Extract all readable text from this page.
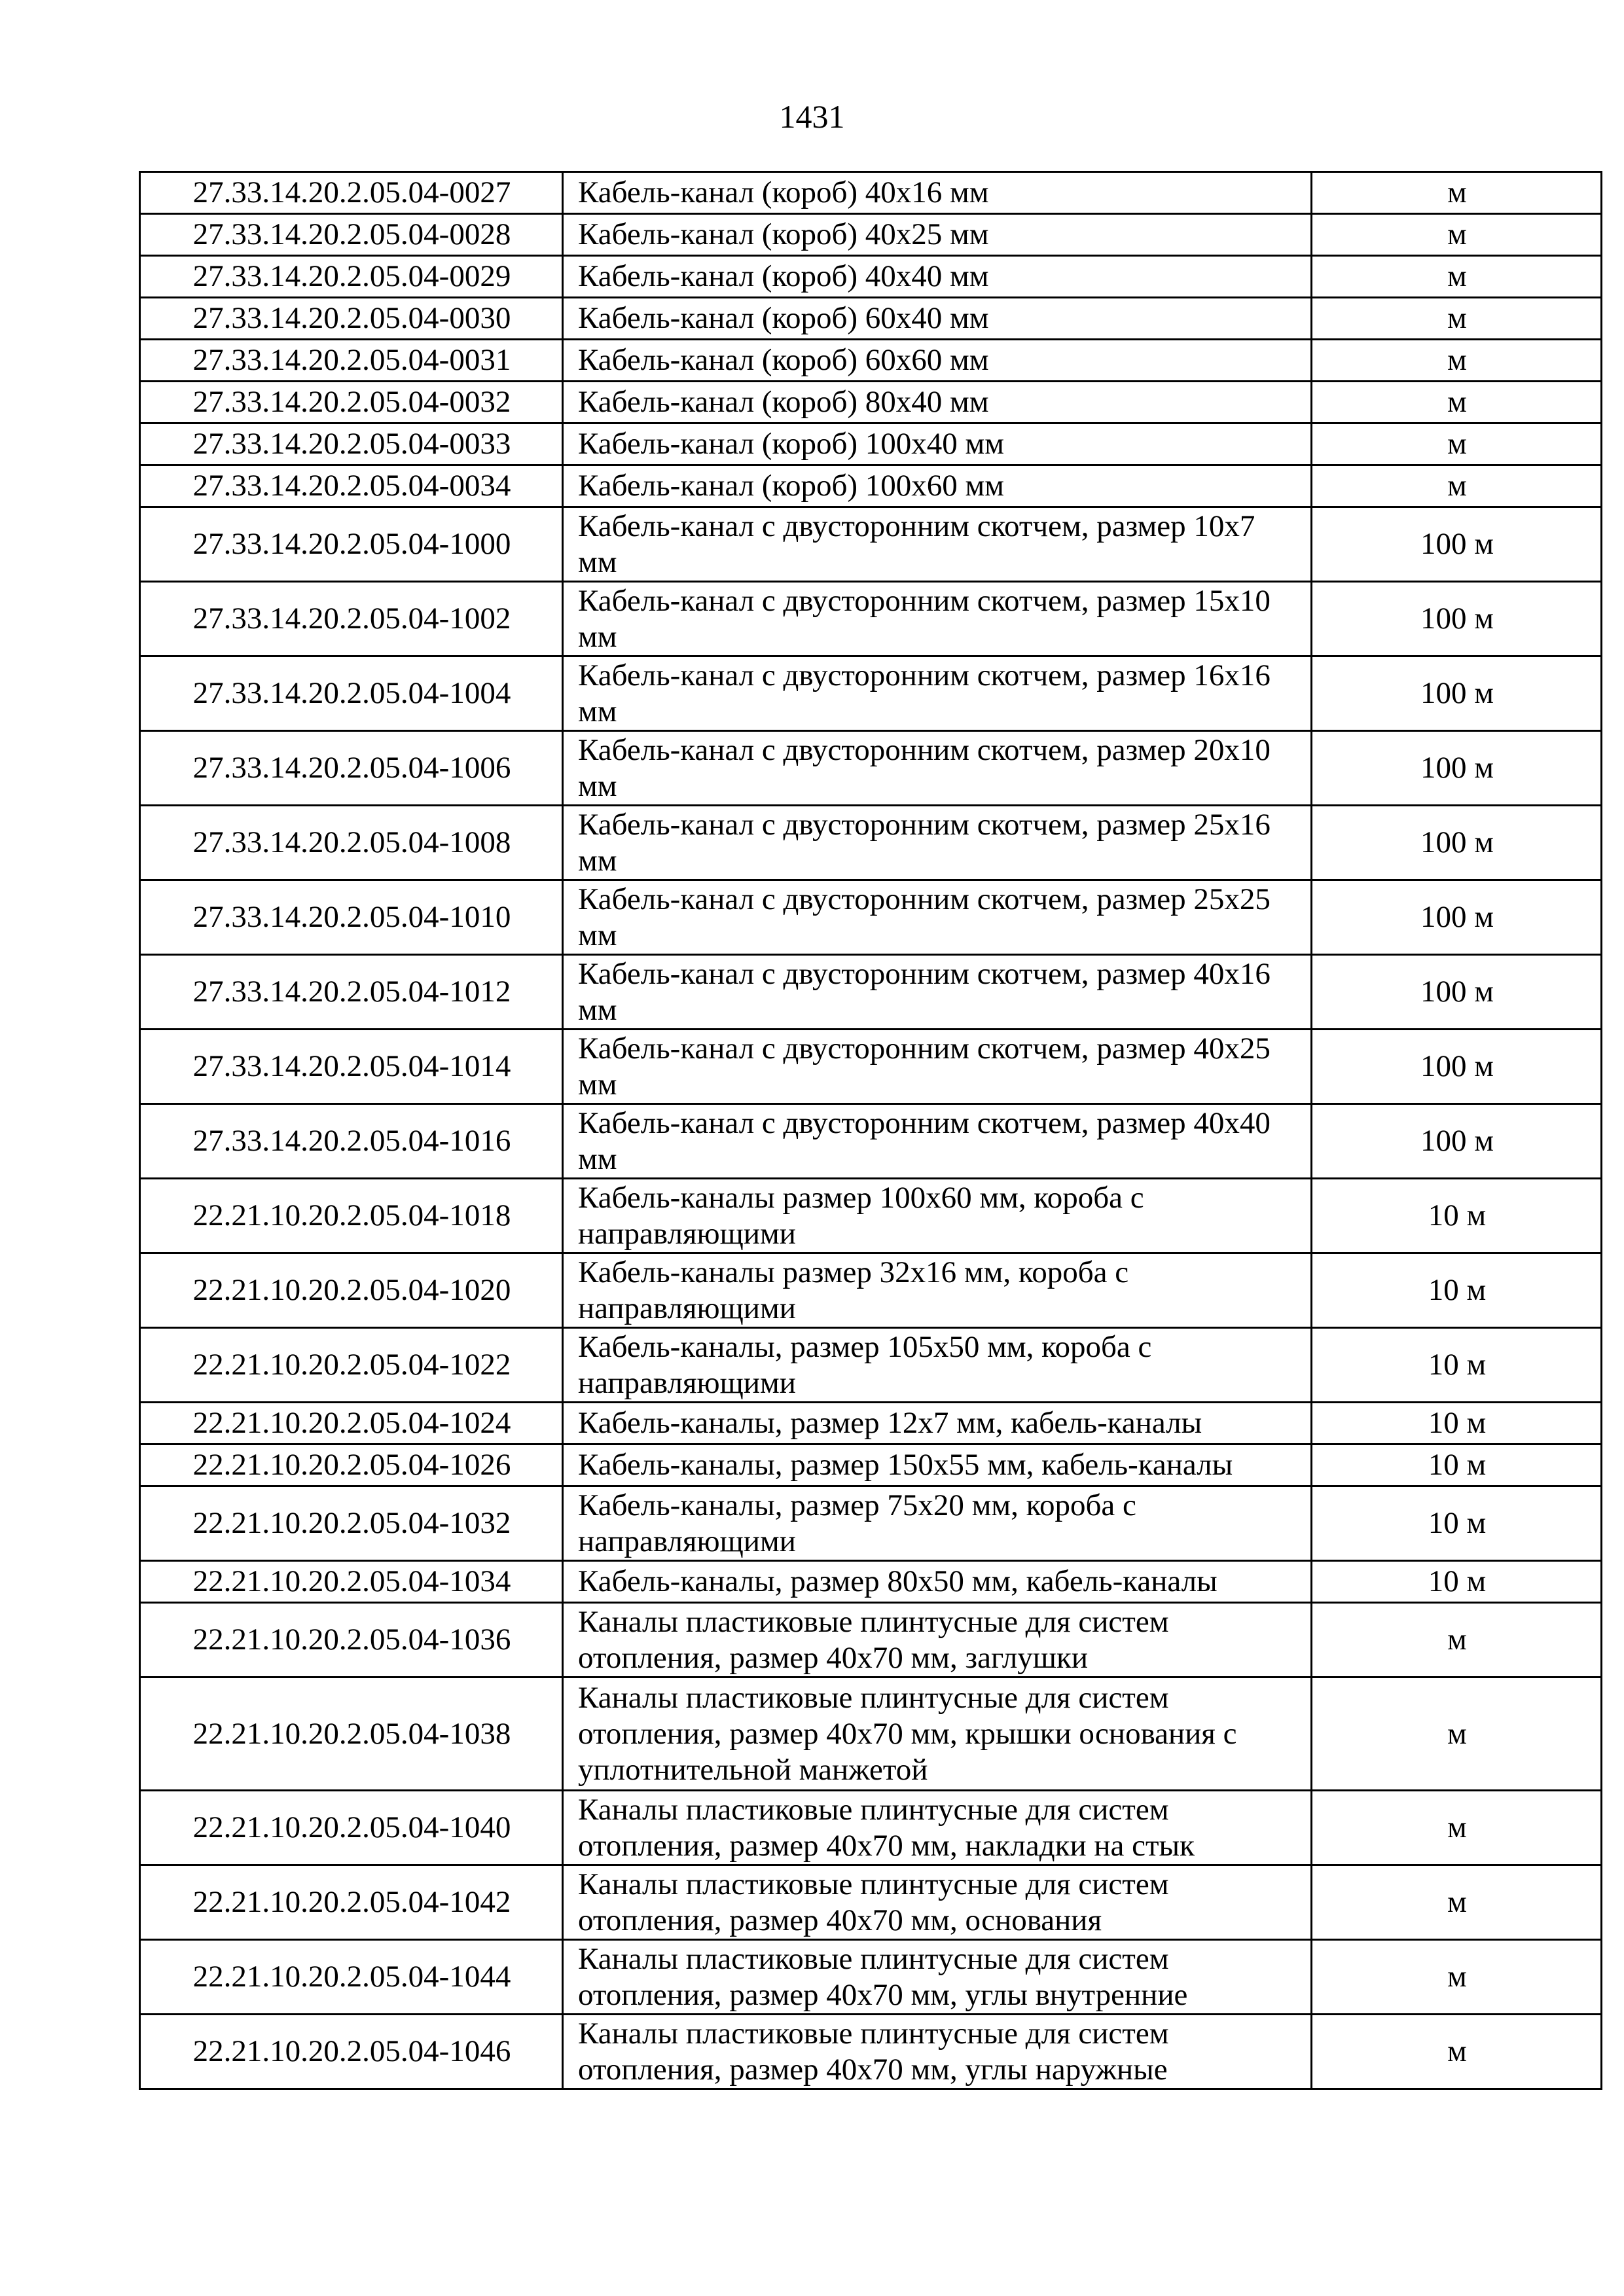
1431
27.33.14.20.2.05.04-0027	Кабель-канал (короб) 40х16 мм	м
27.33.14.20.2.05.04-0028	Кабель-канал (короб) 40х25 мм	м
27.33.14.20.2.05.04-0029	Кабель-канал (короб) 40х40 мм	м
27.33.14.20.2.05.04-0030	Кабель-канал (короб) 60х40 мм	м
27.33.14.20.2.05.04-0031	Кабель-канал (короб) 60х60 мм	м
27.33.14.20.2.05.04-0032	Кабель-канал (короб) 80х40 мм	м
27.33.14.20.2.05.04-0033	Кабель-канал (короб) 100х40 мм	м
27.33.14.20.2.05.04-0034	Кабель-канал (короб) 100х60 мм	м
27.33.14.20.2.05.04-1000	Кабель-канал с двусторонним скотчем, размер 10х7 мм	100 м
27.33.14.20.2.05.04-1002	Кабель-канал с двусторонним скотчем, размер 15х10 мм	100 м
27.33.14.20.2.05.04-1004	Кабель-канал с двусторонним скотчем, размер 16х16 мм	100 м
27.33.14.20.2.05.04-1006	Кабель-канал с двусторонним скотчем, размер 20х10 мм	100 м
27.33.14.20.2.05.04-1008	Кабель-канал с двусторонним скотчем, размер 25х16 мм	100 м
27.33.14.20.2.05.04-1010	Кабель-канал с двусторонним скотчем, размер 25х25 мм	100 м
27.33.14.20.2.05.04-1012	Кабель-канал с двусторонним скотчем, размер 40х16 мм	100 м
27.33.14.20.2.05.04-1014	Кабель-канал с двусторонним скотчем, размер 40х25 мм	100 м
27.33.14.20.2.05.04-1016	Кабель-канал с двусторонним скотчем, размер 40х40 мм	100 м
22.21.10.20.2.05.04-1018	Кабель-каналы размер 100х60 мм, короба с направляющими	10 м
22.21.10.20.2.05.04-1020	Кабель-каналы размер 32х16 мм, короба с направляющими	10 м
22.21.10.20.2.05.04-1022	Кабель-каналы, размер 105х50 мм, короба с направляющими	10 м
22.21.10.20.2.05.04-1024	Кабель-каналы, размер 12х7 мм, кабель-каналы	10 м
22.21.10.20.2.05.04-1026	Кабель-каналы, размер 150х55 мм, кабель-каналы	10 м
22.21.10.20.2.05.04-1032	Кабель-каналы, размер 75х20 мм, короба с направляющими	10 м
22.21.10.20.2.05.04-1034	Кабель-каналы, размер 80х50 мм, кабель-каналы	10 м
22.21.10.20.2.05.04-1036	Каналы пластиковые плинтусные для систем отопления, размер 40х70 мм, заглушки	м
22.21.10.20.2.05.04-1038	Каналы пластиковые плинтусные для систем отопления, размер 40х70 мм, крышки основания с уплотнительной манжетой	м
22.21.10.20.2.05.04-1040	Каналы пластиковые плинтусные для систем отопления, размер 40х70 мм, накладки на стык	м
22.21.10.20.2.05.04-1042	Каналы пластиковые плинтусные для систем отопления, размер 40х70 мм, основания	м
22.21.10.20.2.05.04-1044	Каналы пластиковые плинтусные для систем отопления, размер 40х70 мм, углы внутренние	м
22.21.10.20.2.05.04-1046	Каналы пластиковые плинтусные для систем отопления, размер 40х70 мм, углы наружные	м
